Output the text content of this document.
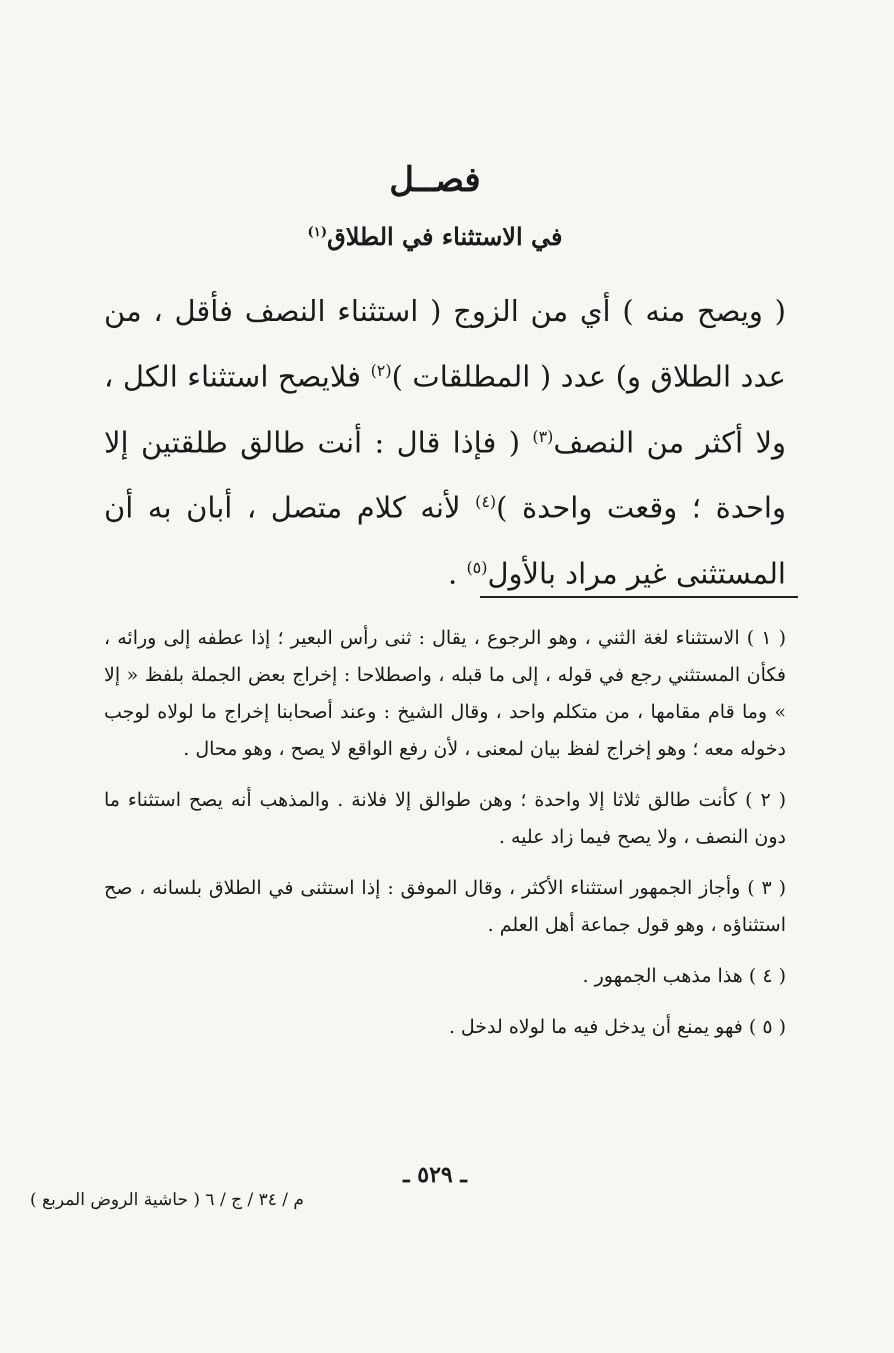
فصــل
في الاستثناء في الطلاق$^{(١)}$
( ويصح منه ) أي من الزوج ( استثناء النصف فأقل ، من عدد الطلاق و) عدد ( المطلقات )$^{(٢)}$ فلايصح استثناء الكل ، ولا أكثر من النصف$^{(٣)}$ ( فإذا قال : أنت طالق طلقتين إلا واحدة ؛ وقعت واحدة )$^{(٤)}$ لأنه كلام متصل ، أبان به أن المستثنى غير مراد بالأول$^{(٥)}$ .

( ١ ) الاستثناء لغة الثني ، وهو الرجوع ، يقال : ثنى رأس البعير ؛ إذا عطفه إلى ورائه ، فكأن المستثني رجع في قوله ، إلى ما قبله ، واصطلاحا : إخراج بعض الجملة بلفظ « إلا » وما قام مقامها ، من متكلم واحد ، وقال الشيخ : وعند أصحابنا إخراج ما لولاه لوجب دخوله معه ؛ وهو إخراج لفظ بيان لمعنى ، لأن رفع الواقع لا يصح ، وهو محال .

( ٢ ) كأنت طالق ثلاثا إلا واحدة ؛ وهن طوالق إلا فلانة . والمذهب أنه يصح استثناء ما دون النصف ، ولا يصح فيما زاد عليه .

( ٣ ) وأجاز الجمهور استثناء الأكثر ، وقال الموفق : إذا استثنى في الطلاق بلسانه ، صح استثناؤه ، وهو قول جماعة أهل العلم .

( ٤ ) هذا مذهب الجمهور .

( ٥ ) فهو يمنع أن يدخل فيه ما لولاه لدخل .

ـ ٥٢٩ ـ
م / ٣٤ / ج / ٦ ( حاشية الروض المربع )
